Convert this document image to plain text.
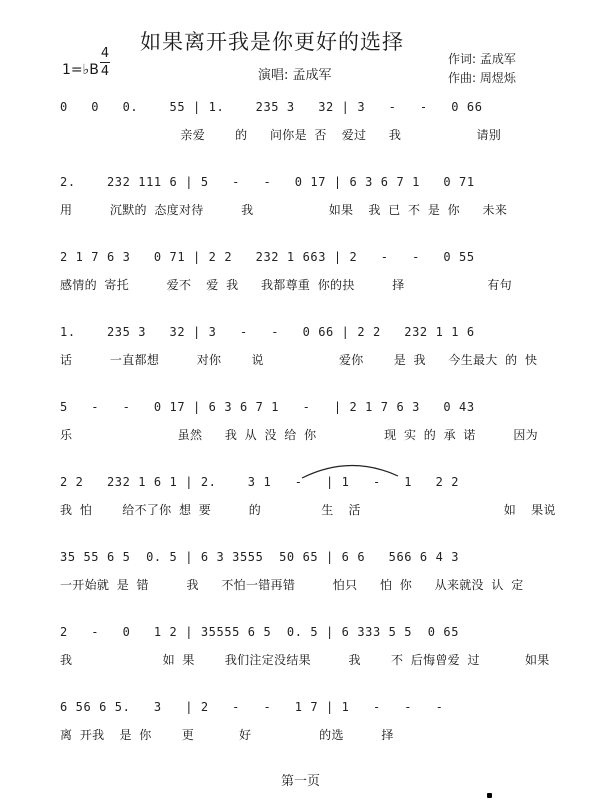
如果离开我是你更好的选择
1=♭B
4
4	演唱: 孟成军
作词: 孟成军
作曲: 周煜烁
0   0   0.    55 | 1.    235 3   32 | 3   -   -   0 66
亲爱    的   问你是 否  爱过   我          请别
2.    232 111 6 | 5   -   -   0 17 | 6 3 6 7 1   0 71
用     沉默的 态度对待     我          如果  我 已 不 是 你   未来
2 1 7 6 3   0 71 | 2 2   232 1 663 | 2   -   -   0 55
感情的 寄托     爱不  爱 我   我都尊重 你的抉     择           有句
1.    235 3   32 | 3   -   -   0 66 | 2 2   232 1 1 6
话     一直都想     对你    说          爱你    是 我   今生最大 的 快
5   -   -   0 17 | 6 3 6 7 1   -   | 2 1 7 6 3   0 43
乐              虽然   我 从 没 给 你         现 实 的 承 诺     因为
2 2   232 1 6 1 | 2.    3 1   -   | 1   -   1   2 2
我 怕    给不了你 想 要     的        生  活                   如  果说
35 55 6 5  0. 5 | 6 3 3555  50 65 | 6 6   566 6 4 3
一开始就 是 错     我   不怕一错再错     怕只   怕 你   从来就没 认 定
2   -   0   1 2 | 35555 6 5  0. 5 | 6 333 5 5  0 65
我            如 果    我们注定没结果     我    不 后悔曾爱 过      如果
6 56 6 5.   3   | 2   -   -   1 7 | 1   -   -   -
离 开我  是 你    更      好         的选     择
第一页
